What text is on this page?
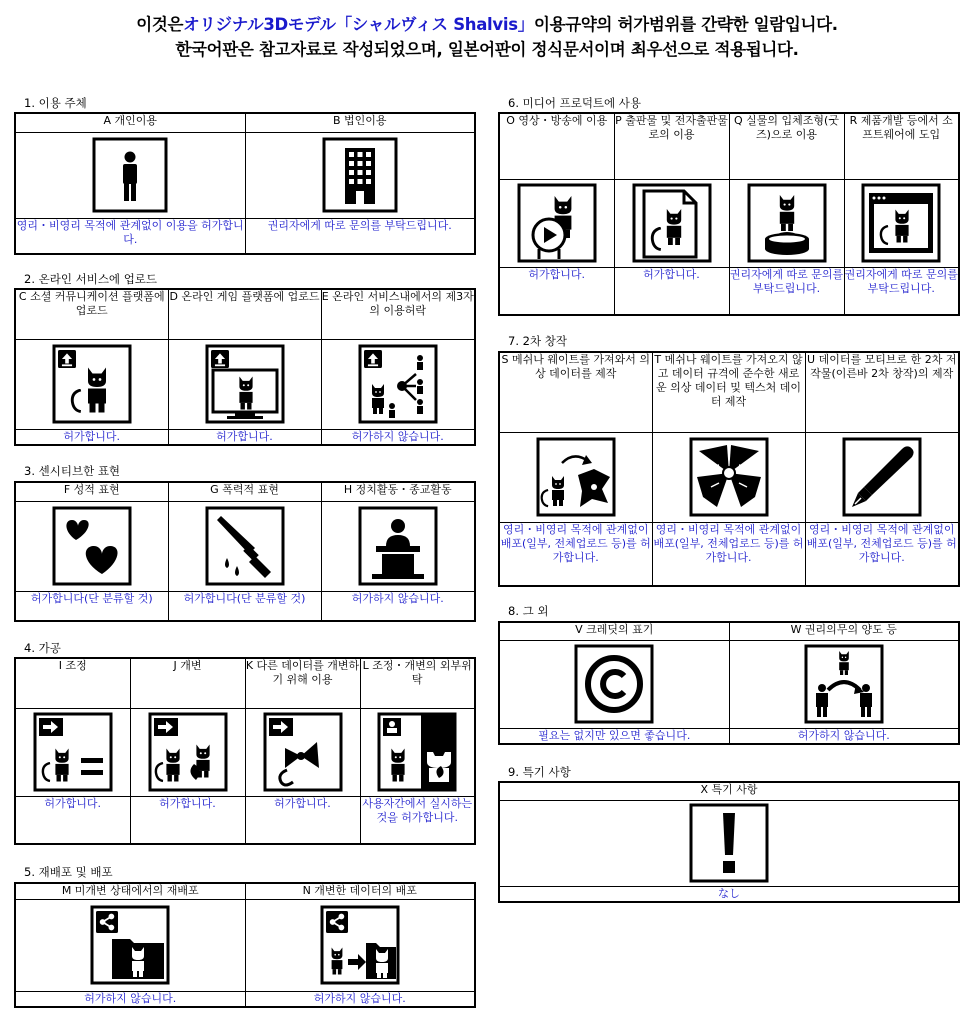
이것은オリジナル3Dモデル「シャルヴィス Shalvis」이용규약의 허가범위를 간략한 일람입니다.
한국어판은 참고자료로 작성되었으며, 일본어판이 정식문서이며 최우선으로 적용됩니다.
1. 이용 주체
A 개인이용	B 법인이용

영리・비영리 목적에 관계없이 이용을 허가합니다.	권리자에게 따로 문의를 부탁드립니다.
2. 온라인 서비스에 업로드
C 소셜 커뮤니케이션 플랫폼에 업로드	D 온라인 게임 플랫폼에 업로드	E 온라인 서비스내에서의 제3자의 이용허락

허가합니다.	허가합니다.	허가하지 않습니다.
3. 센시티브한 표현
F 성적 표현	G 폭력적 표현	H 정치활동・종교활동

허가합니다(단 분류할 것)	허가합니다(단 분류할 것)	허가하지 않습니다.
4. 가공
I 조정	J 개변	K 다른 데이터를 개변하기 위해 이용	L 조정・개변의 외부위탁

허가합니다.	허가합니다.	허가합니다.	사용자간에서 실시하는 것을 허가합니다.
5. 재배포 및 배포
M 미개변 상태에서의 재배포	N 개변한 데이터의 배포

허가하지 않습니다.	허가하지 않습니다.
6. 미디어 프로덕트에 사용
O 영상・방송에 이용	P 출판물 및 전자출판물로의 이용	Q 실물의 입체조형(굿즈)으로 이용	R 제품개발 등에서 소프트웨어에 도입

허가합니다.	허가합니다.	권리자에게 따로 문의를 부탁드립니다.	권리자에게 따로 문의를 부탁드립니다.
7. 2차 창작
S 메쉬나 웨이트를 가져와서 의상 데이터를 제작	T 메쉬나 웨이트를 가져오지 않고 데이터 규격에 준수한 새로운 의상 데이터 및 텍스처 데이터 제작	U 데이터를 모티브로 한 2차 저작물(이른바 2차 창작)의 제작

영리・비영리 목적에 관계없이 배포(일부, 전체업로드 등)를 허가합니다.	영리・비영리 목적에 관계없이 배포(일부, 전체업로드 등)를 허가합니다.	영리・비영리 목적에 관계없이 배포(일부, 전체업로드 등)를 허가합니다.
8. 그 외
V 크레딧의 표기	W 권리의무의 양도 등

필요는 없지만 있으면 좋습니다.	허가하지 않습니다.
9. 특기 사항
X 특기 사항

なし
